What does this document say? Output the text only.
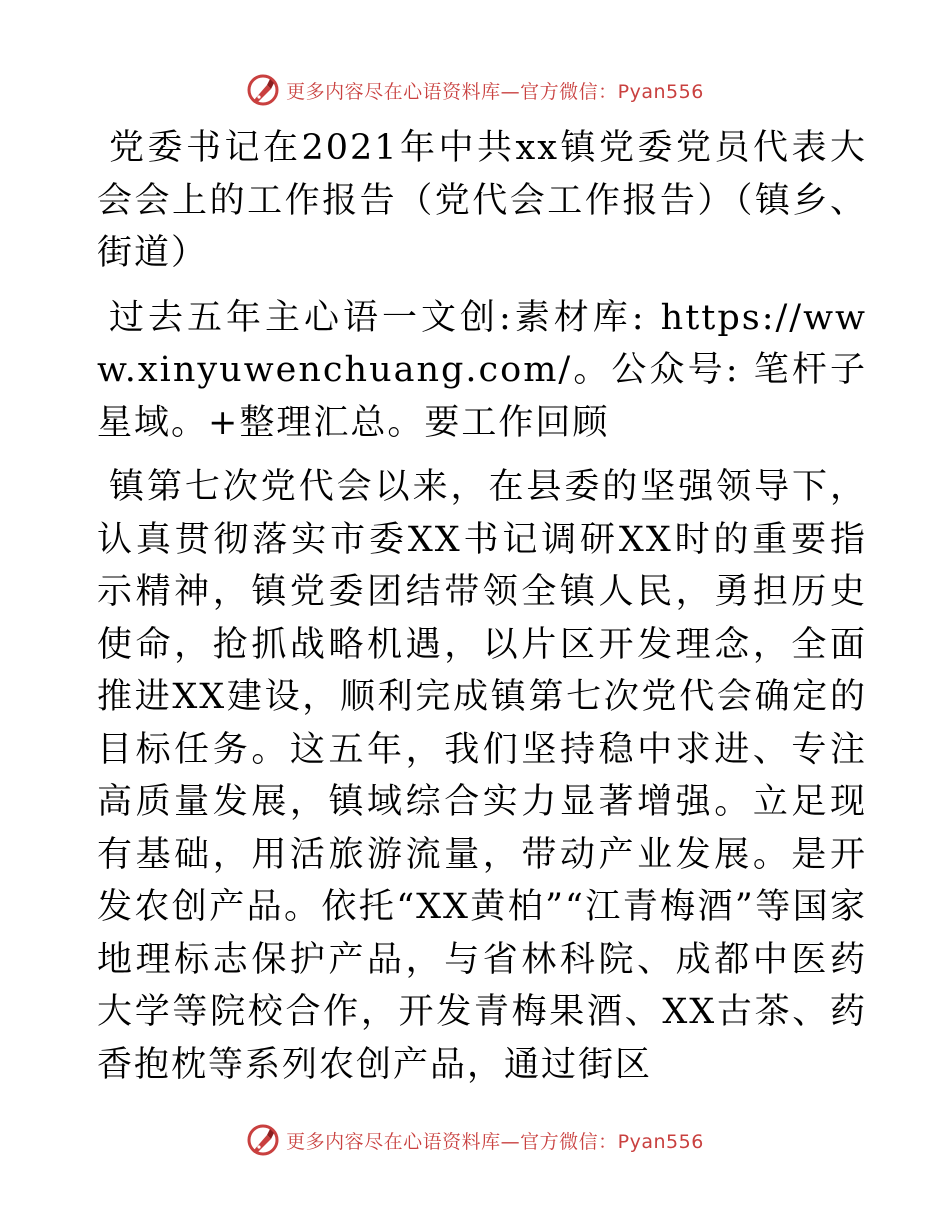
更多内容尽在心语资料库—官方微信：Pyan556

党委书记在2021年中共xx镇党委党员代表大会会上的工作报告（党代会工作报告）（镇乡、街道）

过去五年主心语一文创:素材库: https://www.xinyuwenchuang.com/。公众号: 笔杆子星域。+整理汇总。要工作回顾

镇第七次党代会以来，在县委的坚强领导下，认真贯彻落实市委XX书记调研XX时的重要指示精神，镇党委团结带领全镇人民，勇担历史使命，抢抓战略机遇，以片区开发理念，全面推进XX建设，顺利完成镇第七次党代会确定的目标任务。这五年，我们坚持稳中求进、专注高质量发展，镇域综合实力显著增强。立足现有基础，用活旅游流量，带动产业发展。是开发农创产品。依托“XX黄柏”“江青梅酒”等国家地理标志保护产品，与省林科院、成都中医药大学等院校合作，开发青梅果酒、XX古茶、药香抱枕等系列农创产品，通过街区

更多内容尽在心语资料库—官方微信：Pyan556
